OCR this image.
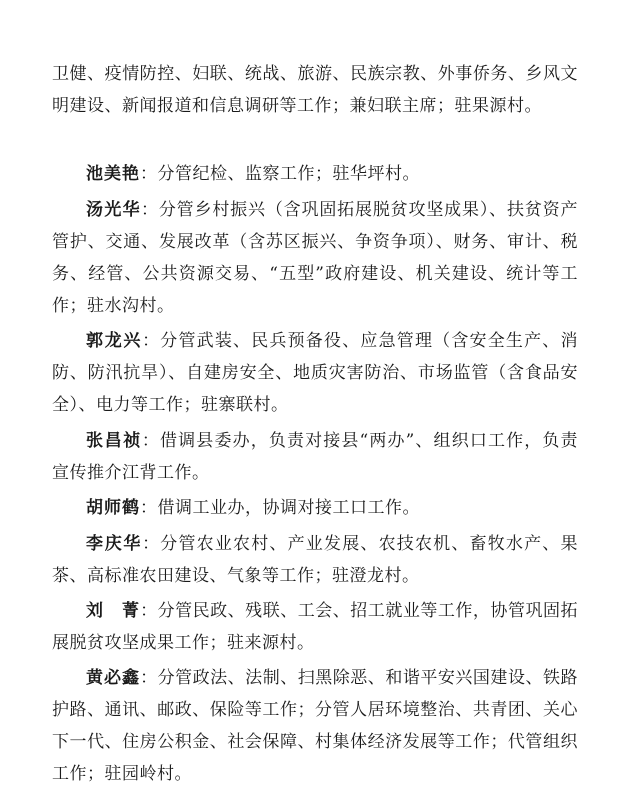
卫健、疫情防控、妇联、统战、旅游、民族宗教、外事侨务、乡风文明建设、新闻报道和信息调研等工作；兼妇联主席；驻果源村。

池美艳：分管纪检、监察工作；驻华坪村。

汤光华：分管乡村振兴（含巩固拓展脱贫攻坚成果）、扶贫资产管护、交通、发展改革（含苏区振兴、争资争项）、财务、审计、税务、经管、公共资源交易、“五型”政府建设、机关建设、统计等工作；驻水沟村。

郭龙兴：分管武装、民兵预备役、应急管理（含安全生产、消防、防汛抗旱）、自建房安全、地质灾害防治、市场监管（含食品安全）、电力等工作；驻寨联村。

张昌祯：借调县委办，负责对接县“两办”、组织口工作，负责宣传推介江背工作。

胡师鹤：借调工业办，协调对接工口工作。

李庆华：分管农业农村、产业发展、农技农机、畜牧水产、果茶、高标准农田建设、气象等工作；驻澄龙村。

刘　菁：分管民政、残联、工会、招工就业等工作，协管巩固拓展脱贫攻坚成果工作；驻来源村。

黄必鑫：分管政法、法制、扫黑除恶、和谐平安兴国建设、铁路护路、通讯、邮政、保险等工作；分管人居环境整治、共青团、关心下一代、住房公积金、社会保障、村集体经济发展等工作；代管组织工作；驻园岭村。
